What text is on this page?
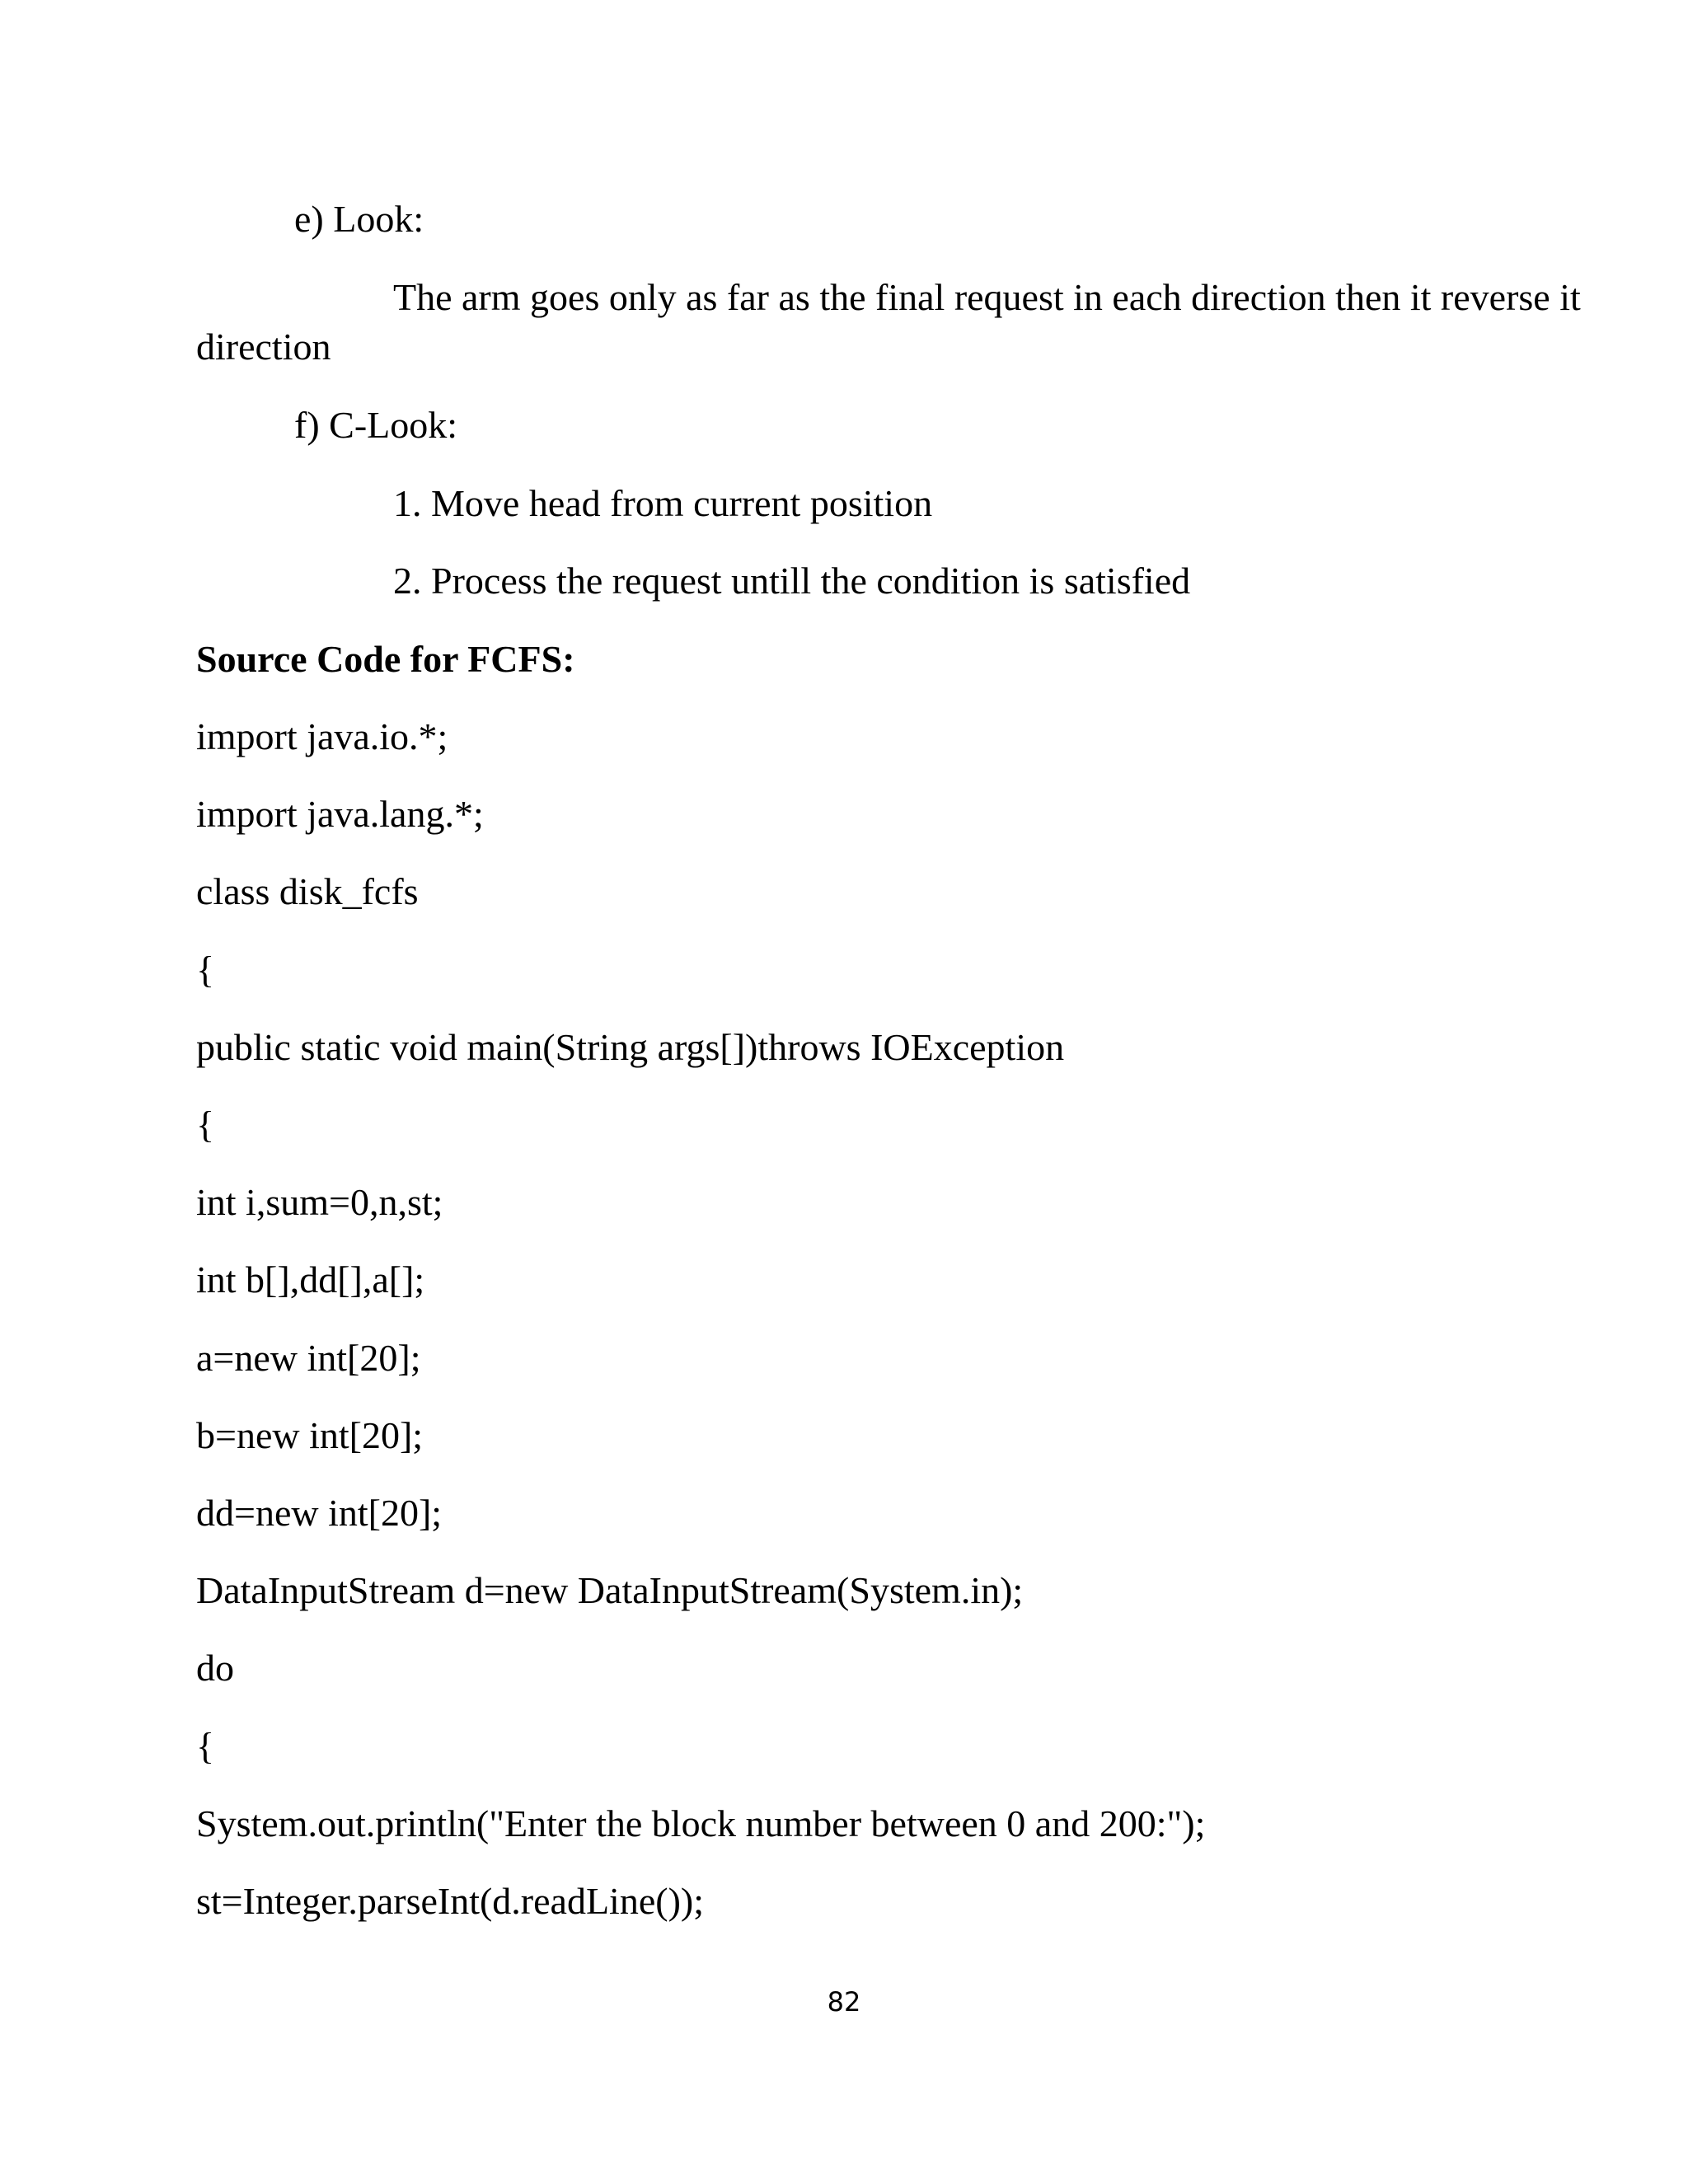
e) Look:
The arm goes only as far as the final request in each direction then it reverse it
direction
f) C-Look:
1. Move head from current position
2. Process the request untill the condition is satisfied
Source Code for FCFS:
import java.io.*;
import java.lang.*;
class disk_fcfs
{
public static void main(String args[])throws IOException
{
int i,sum=0,n,st;
int b[],dd[],a[];
a=new int[20];
b=new int[20];
dd=new int[20];
DataInputStream d=new DataInputStream(System.in);
do
{
System.out.println("Enter the block number between 0 and 200:");
st=Integer.parseInt(d.readLine());
82
